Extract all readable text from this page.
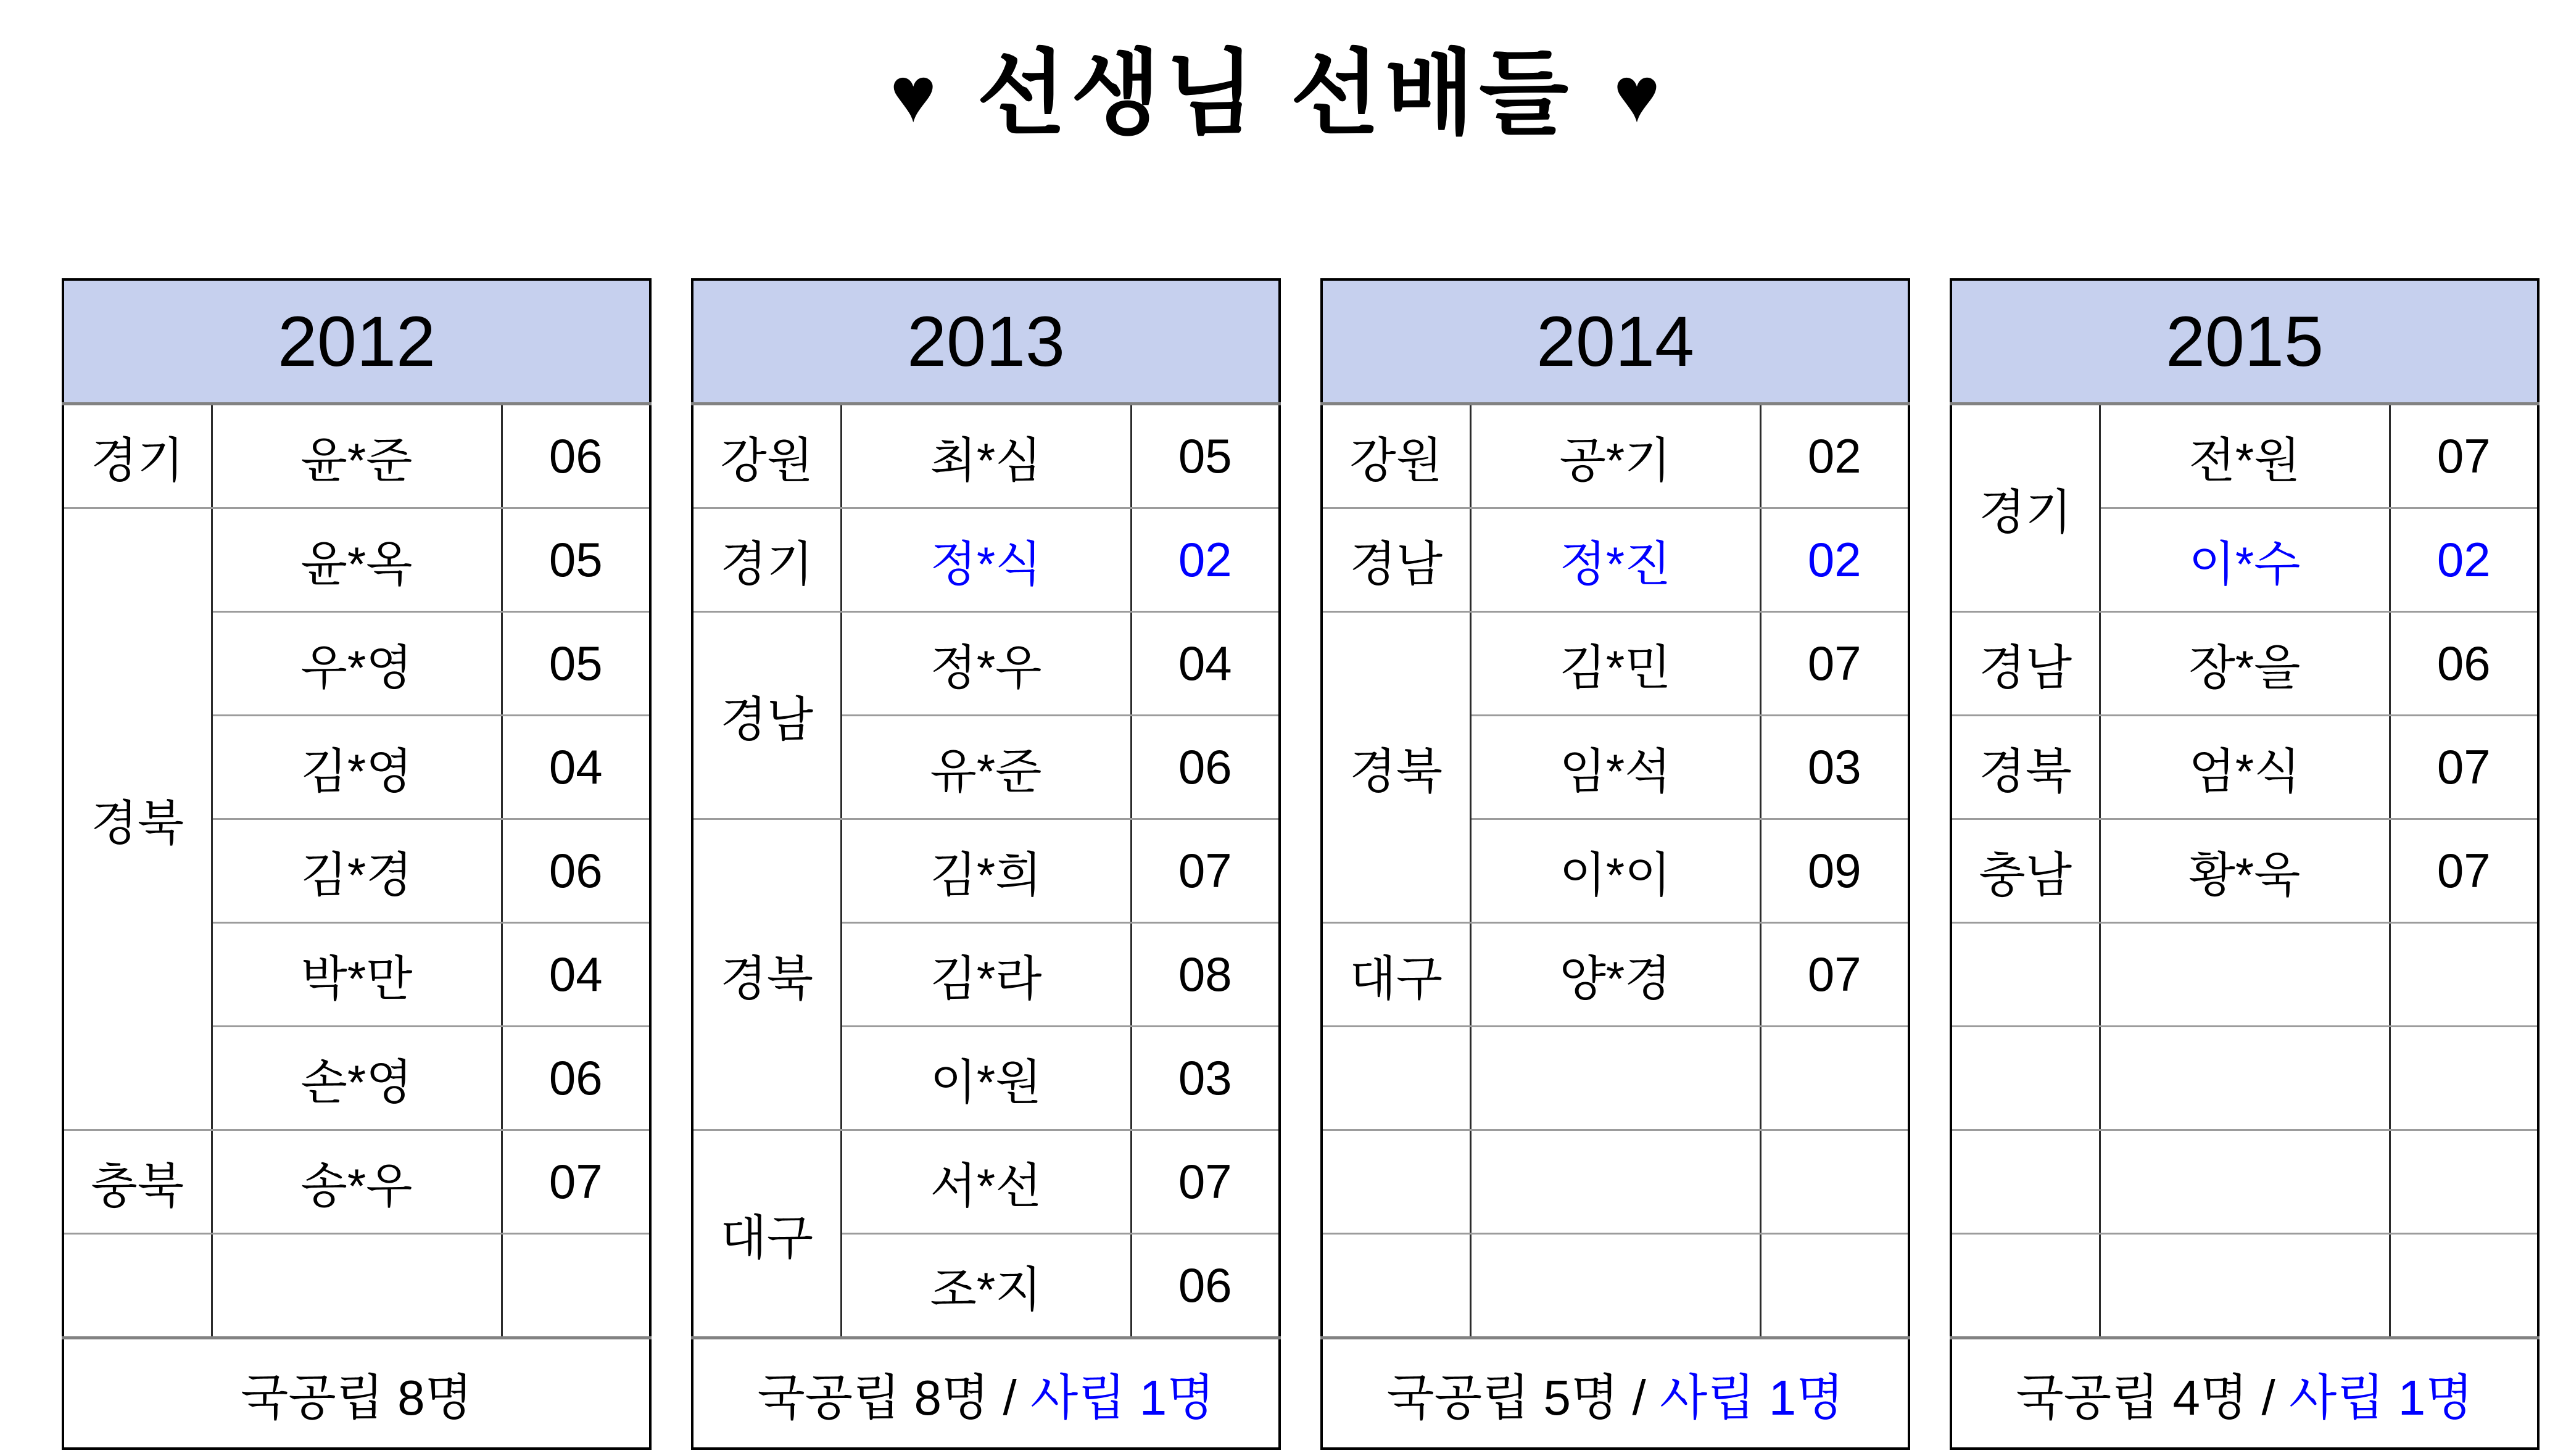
♥ 선생님 선배들 ♥
2012		
경기	윤*준	06
경북	윤*옥	05
	우*영	05
	김*영	04
	김*경	06
	박*만	04
	손*영	06
충북	송*우	07

국공립 8명		
2013		
강원	최*심	05
경기	정*식	02
경남	정*우	04
	유*준	06
경북	김*희	07
	김*라	08
	이*원	03
대구	서*선	07
	조*지	06
국공립 8명 / 사립 1명		
2014		
강원	공*기	02
경남	정*진	02
경북	김*민	07
	임*석	03
	이*이	09
대구	양*경	07

국공립 5명 / 사립 1명		
2015		
경기	전*원	07
	이*수	02
경남	장*을	06
경북	엄*식	07
충남	황*욱	07

국공립 4명 / 사립 1명		
